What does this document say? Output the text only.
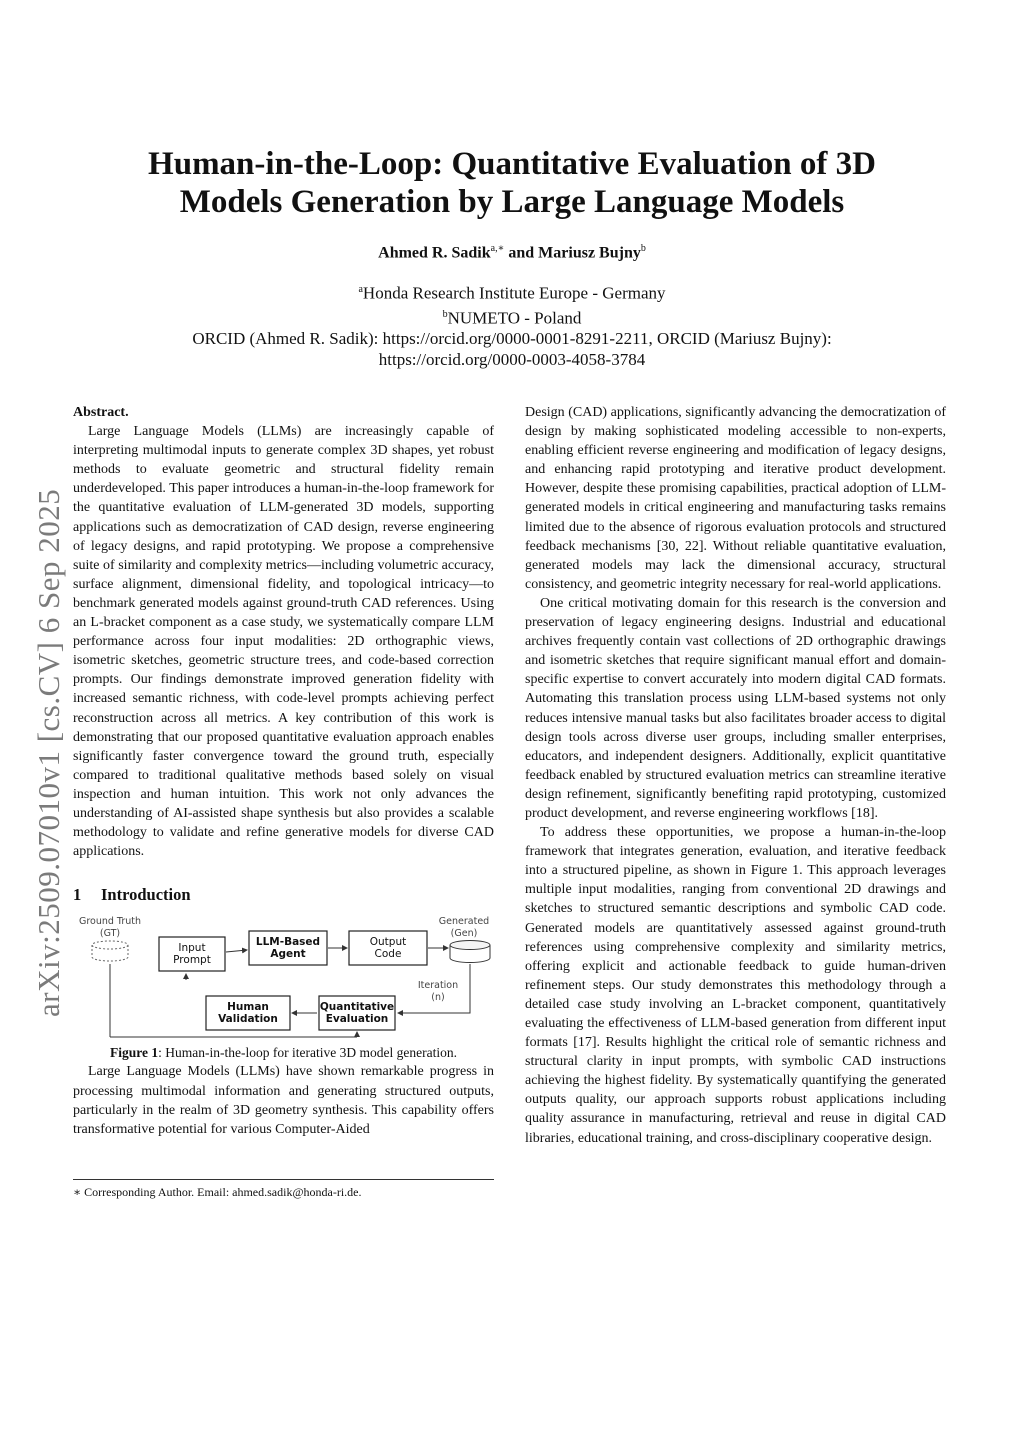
arXiv:2509.07010v1 [cs.CV] 6 Sep 2025
Human-in-the-Loop: Quantitative Evaluation of 3D
Models Generation by Large Language Models
Ahmed R. Sadik$^{a,∗}$ and Mariusz Bujny$^b$
$^a$Honda Research Institute Europe - Germany
$^b$NUMETO - Poland
ORCID (Ahmed R. Sadik): https://orcid.org/0000-0001-8291-2211, ORCID (Mariusz Bujny):
https://orcid.org/0000-0003-4058-3784
Abstract.

Large Language Models (LLMs) are increasingly capable of interpreting multimodal inputs to generate complex 3D shapes, yet robust methods to evaluate geometric and structural fidelity remain underdeveloped. This paper introduces a human-in-the-loop framework for the quantitative evaluation of LLM-generated 3D models, supporting applications such as democratization of CAD design, reverse engineering of legacy designs, and rapid prototyping. We propose a comprehensive suite of similarity and complexity metrics—including volumetric accuracy, surface alignment, dimensional fidelity, and topological intricacy—to benchmark generated models against ground-truth CAD references. Using an L-bracket component as a case study, we systematically compare LLM performance across four input modalities: 2D orthographic views, isometric sketches, geometric structure trees, and code-based correction prompts. Our findings demonstrate improved generation fidelity with increased semantic richness, with code-level prompts achieving perfect reconstruction across all metrics. A key contribution of this work is demonstrating that our proposed quantitative evaluation approach enables significantly faster convergence toward the ground truth, especially compared to traditional qualitative methods based solely on visual inspection and human intuition. This work not only advances the understanding of AI-assisted shape synthesis but also provides a scalable methodology to validate and refine generative models for diverse CAD applications.

1 Introduction
Ground Truth
(GT)
Input
Prompt
LLM-Based
Agent
Output
Code
Generated
(Gen)
Iteration
(n)
Human
Validation
Quantitative
Evaluation

Figure 1: Human-in-the-loop for iterative 3D model generation.

Large Language Models (LLMs) have shown remarkable progress in processing multimodal information and generating structured outputs, particularly in the realm of 3D geometry synthesis. This capability offers transformative potential for various Computer-Aided

∗ Corresponding Author. Email: ahmed.sadik@honda-ri.de.

Design (CAD) applications, significantly advancing the democratization of design by making sophisticated modeling accessible to non-experts, enabling efficient reverse engineering and modification of legacy designs, and enhancing rapid prototyping and iterative product development. However, despite these promising capabilities, practical adoption of LLM-generated models in critical engineering and manufacturing tasks remains limited due to the absence of rigorous evaluation protocols and structured feedback mechanisms [30, 22]. Without reliable quantitative evaluation, generated models may lack the dimensional accuracy, structural consistency, and geometric integrity necessary for real-world applications.

One critical motivating domain for this research is the conversion and preservation of legacy engineering designs. Industrial and educational archives frequently contain vast collections of 2D orthographic drawings and isometric sketches that require significant manual effort and domain-specific expertise to convert accurately into modern digital CAD formats. Automating this translation process using LLM-based systems not only reduces intensive manual tasks but also facilitates broader access to digital design tools across diverse user groups, including smaller enterprises, educators, and independent designers. Additionally, explicit quantitative feedback enabled by structured evaluation metrics can streamline iterative design refinement, significantly benefiting rapid prototyping, customized product development, and reverse engineering workflows [18].

To address these opportunities, we propose a human-in-the-loop framework that integrates generation, evaluation, and iterative feedback into a structured pipeline, as shown in Figure 1. This approach leverages multiple input modalities, ranging from conventional 2D drawings and sketches to structured semantic descriptions and symbolic CAD code. Generated models are quantitatively assessed against ground-truth references using comprehensive complexity and similarity metrics, offering explicit and actionable feedback to guide human-driven refinement steps. Our study demonstrates this methodology through a detailed case study involving an L-bracket component, quantitatively evaluating the effectiveness of LLM-based generation from different input formats [17]. Results highlight the critical role of semantic richness and structural clarity in input prompts, with symbolic CAD instructions achieving the highest fidelity. By systematically quantifying the generated outputs quality, our approach supports robust applications including quality assurance in manufacturing, retrieval and reuse in digital CAD libraries, educational training, and cross-disciplinary cooperative design.
